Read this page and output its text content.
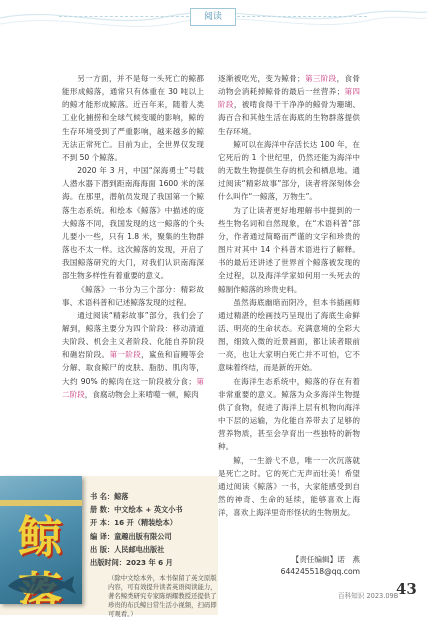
阅读

另一方面，并不是每一头死亡的鲸都能形成鲸落，通常只有体重在 30 吨以上的鲸才能形成鲸落。近百年来，随着人类工业化捕捞和全球气候变暖的影响，鲸的生存环境受到了严重影响，越来越多的鲸无法正常死亡。目前为止，全世界仅发现不到 50 个鲸落。

2020 年 3 月，中国“深海勇士”号载人潜水器下潜到距南海海面 1600 米的深海。在那里，潜航员发现了我国第一个鲸落生态系统。和绘本《鲸落》中描述的庞大鲸落不同，我国发现的这一鲸落的个头儿要小一些，只有 1.8 米，聚集的生物群落也不太一样。这次鲸落的发现，开启了我国鲸落研究的大门，对我们认识南海深部生物多样性有着重要的意义。

《鲸落》一书分为三个部分：精彩故事、术语科普和记述鲸落发现的过程。

通过阅读“精彩故事”部分，我们会了解到，鲸落主要分为四个阶段：移动清道夫阶段、机会主义者阶段、化能自养阶段和礁岩阶段。第一阶段，鲨鱼和盲鳗等会分解、取食鲸尸的皮肤、脂肪、肌肉等，大约 90% 的鲸肉在这一阶段被分食；第二阶段，食腐动物会上来啃噬一顿，鲸肉

逐渐被吃光，变为鲸骨；第三阶段，食骨动物会消耗掉鲸骨的最后一丝营养；第四阶段，被啃食得干干净净的鲸骨为珊瑚、海百合和其他生活在海底的生物群落提供生存环境。

鲸可以在海洋中存活长达 100 年，在它死后的 1 个世纪里，仍然还能为海洋中的无数生物提供生存的机会和栖息地。通过阅读“精彩故事”部分，读者将深刻体会什么叫作“一鲸落，万物生”。

为了让读者更好地理解书中提到的一些生物名词和自然现象，在“术语科普”部分，作者通过简略而严谨的文字和珍贵的图片对其中 14 个科普术语进行了解释。书的最后还讲述了世界首个鲸落被发现的全过程，以及海洋学家如何用一头死去的鲸制作鲸落的珍贵史料。

虽然海底幽暗而阴冷，但本书插画师通过精湛的绘画技巧呈现出了海底生命鲜活、明亮的生命状态。充满意境的全彩大图，细致入微的近景画面，都让读者眼前一亮，也让大家明白死亡并不可怕，它不意味着终结，而是新的开始。

在海洋生态系统中，鲸落的存在有着非常重要的意义。鲸落为众多海洋生物提供了食物，促进了海洋上层有机物向海洋中下层的运输，为化能自养带去了足够的营养物质，甚至会孕育出一些独特的新物种。

鲸，一生游弋不息，唯一一次沉落就是死亡之时。它的死亡无声而壮美！希望通过阅读《鲸落》一书，大家能感受到自然的神奇、生命的延续，能够喜欢上海洋，喜欢上海洋里奇形怪状的生物朋友。

【责任编辑】诺　燕
644245518@qq.com
鲸
书 名：鲸落
册 数：中文绘本 + 英文小书
开 本：16 开（精装绘本）
编 译：童趣出版有限公司
出 版：人民邮电出版社
出版时间：2023 年 6 月
（除中文绘本外，本书保留了英文原版内容，可有效提升读者英语阅读能力，著名鲸类研究专家陈炳耀教授还提供了珍贵的布氏鲸日常生活小视频，扫码即可观看。）
百科知识 2023.09B
43
